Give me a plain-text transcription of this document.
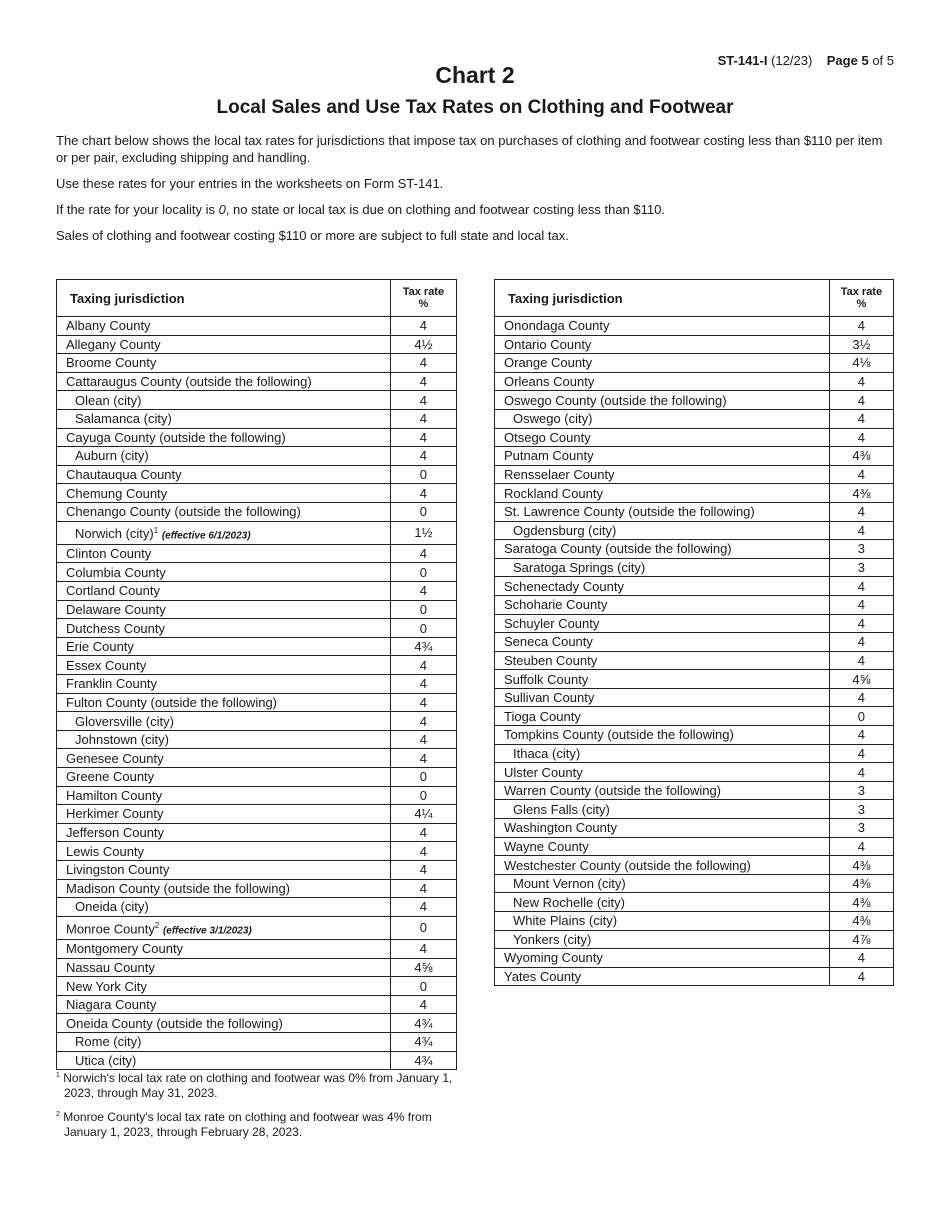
ST-141-I (12/23) Page 5 of 5
Chart 2
Local Sales and Use Tax Rates on Clothing and Footwear

The chart below shows the local tax rates for jurisdictions that impose tax on purchases of clothing and footwear costing less than $110 per item or per pair, excluding shipping and handling.

Use these rates for your entries in the worksheets on Form ST-141.

If the rate for your locality is 0, no state or local tax is due on clothing and footwear costing less than $110.

Sales of clothing and footwear costing $110 or more are subject to full state and local tax.

Taxing jurisdiction	Tax rate
%
Albany County	4
Allegany County	4½
Broome County	4
Cattaraugus County (outside the following)	4
Olean (city)	4
Salamanca (city)	4
Cayuga County (outside the following)	4
Auburn (city)	4
Chautauqua County	0
Chemung County	4
Chenango County (outside the following)	0
Norwich (city)$^1$ (effective 6/1/2023)	1½
Clinton County	4
Columbia County	0
Cortland County	4
Delaware County	0
Dutchess County	0
Erie County	4¾
Essex County	4
Franklin County	4
Fulton County (outside the following)	4
Gloversville (city)	4
Johnstown (city)	4
Genesee County	4
Greene County	0
Hamilton County	0
Herkimer County	4¼
Jefferson County	4
Lewis County	4
Livingston County	4
Madison County (outside the following)	4
Oneida (city)	4
Monroe County$^2$ (effective 3/1/2023)	0
Montgomery County	4
Nassau County	4⅝
New York City	0
Niagara County	4
Oneida County (outside the following)	4¾
Rome (city)	4¾
Utica (city)	4¾
Taxing jurisdiction	Tax rate
%
Onondaga County	4
Ontario County	3½
Orange County	4⅛
Orleans County	4
Oswego County (outside the following)	4
Oswego (city)	4
Otsego County	4
Putnam County	4⅜
Rensselaer County	4
Rockland County	4⅜
St. Lawrence County (outside the following)	4
Ogdensburg (city)	4
Saratoga County (outside the following)	3
Saratoga Springs (city)	3
Schenectady County	4
Schoharie County	4
Schuyler County	4
Seneca County	4
Steuben County	4
Suffolk County	4⅝
Sullivan County	4
Tioga County	0
Tompkins County (outside the following)	4
Ithaca (city)	4
Ulster County	4
Warren County (outside the following)	3
Glens Falls (city)	3
Washington County	3
Wayne County	4
Westchester County (outside the following)	4⅜
Mount Vernon (city)	4⅜
New Rochelle (city)	4⅜
White Plains (city)	4⅜
Yonkers (city)	4⅞
Wyoming County	4
Yates County	4

$^1$ Norwich's local tax rate on clothing and footwear was 0% from January 1, 2023, through May 31, 2023.

$^2$ Monroe County's local tax rate on clothing and footwear was 4% from January 1, 2023, through February 28, 2023.
